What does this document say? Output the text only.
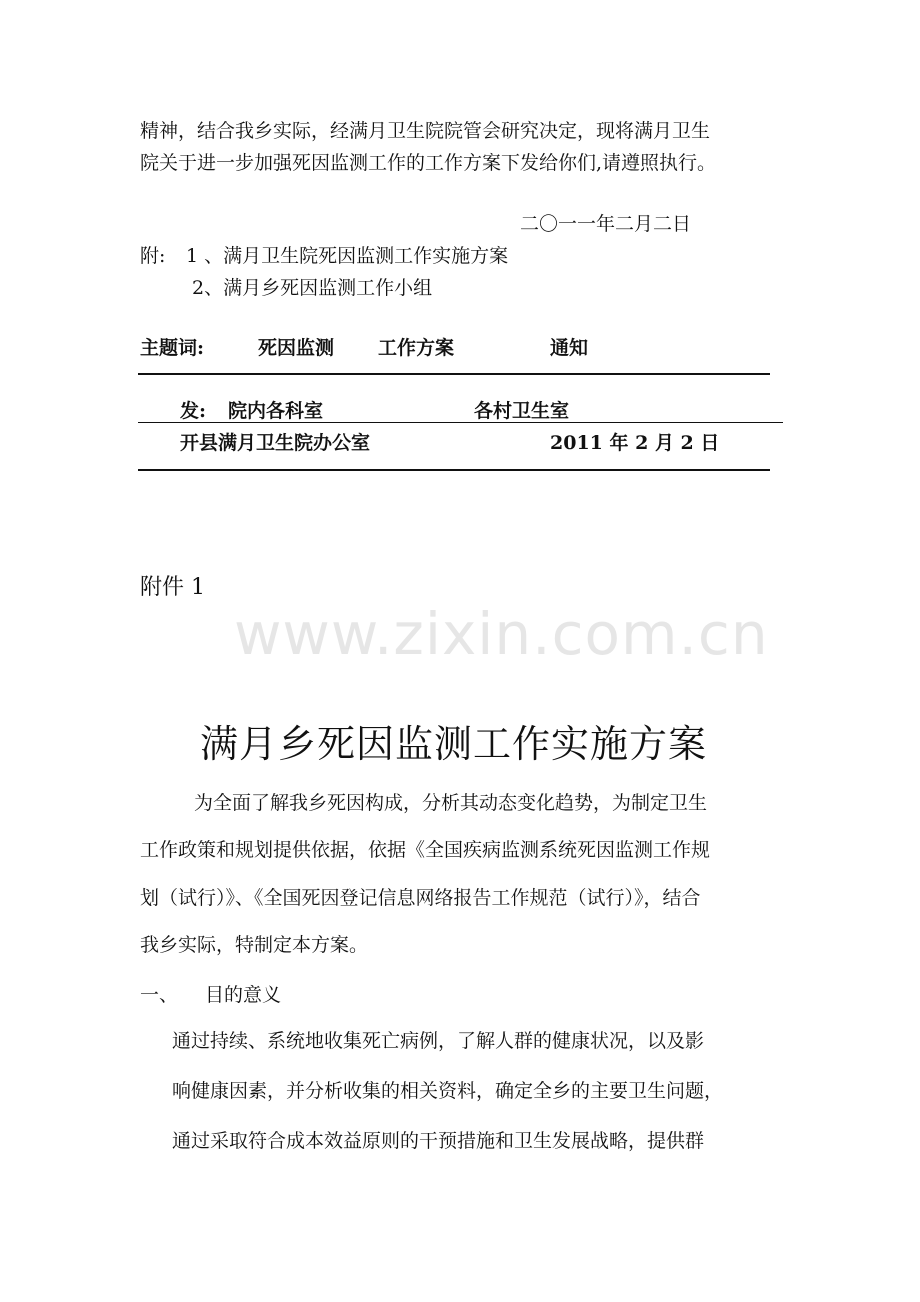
精神，结合我乡实际，经满月卫生院院管会研究决定，现将满月卫生
院关于进一步加强死因监测工作的工作方案下发给你们,请遵照执行。
二〇一一年二月二日
附: 1 、满月卫生院死因监测工作实施方案
2、满月乡死因监测工作小组
主题词:	死因监测 工作方案	通知
发: 院内各科室	各村卫生室
开县满月卫生院办公室	2011 年 2 月 2 日
附件 1
www.zixin.com.cn
满月乡死因监测工作实施方案
为全面了解我乡死因构成，分析其动态变化趋势，为制定卫生
工作政策和规划提供依据，依据《全国疾病监测系统死因监测工作规
划（试行）》、《全国死因登记信息网络报告工作规范（试行）》，结合
我乡实际，特制定本方案。
一、 目的意义
通过持续、系统地收集死亡病例，了解人群的健康状况，以及影
响健康因素，并分析收集的相关资料，确定全乡的主要卫生问题，
通过采取符合成本效益原则的干预措施和卫生发展战略，提供群
